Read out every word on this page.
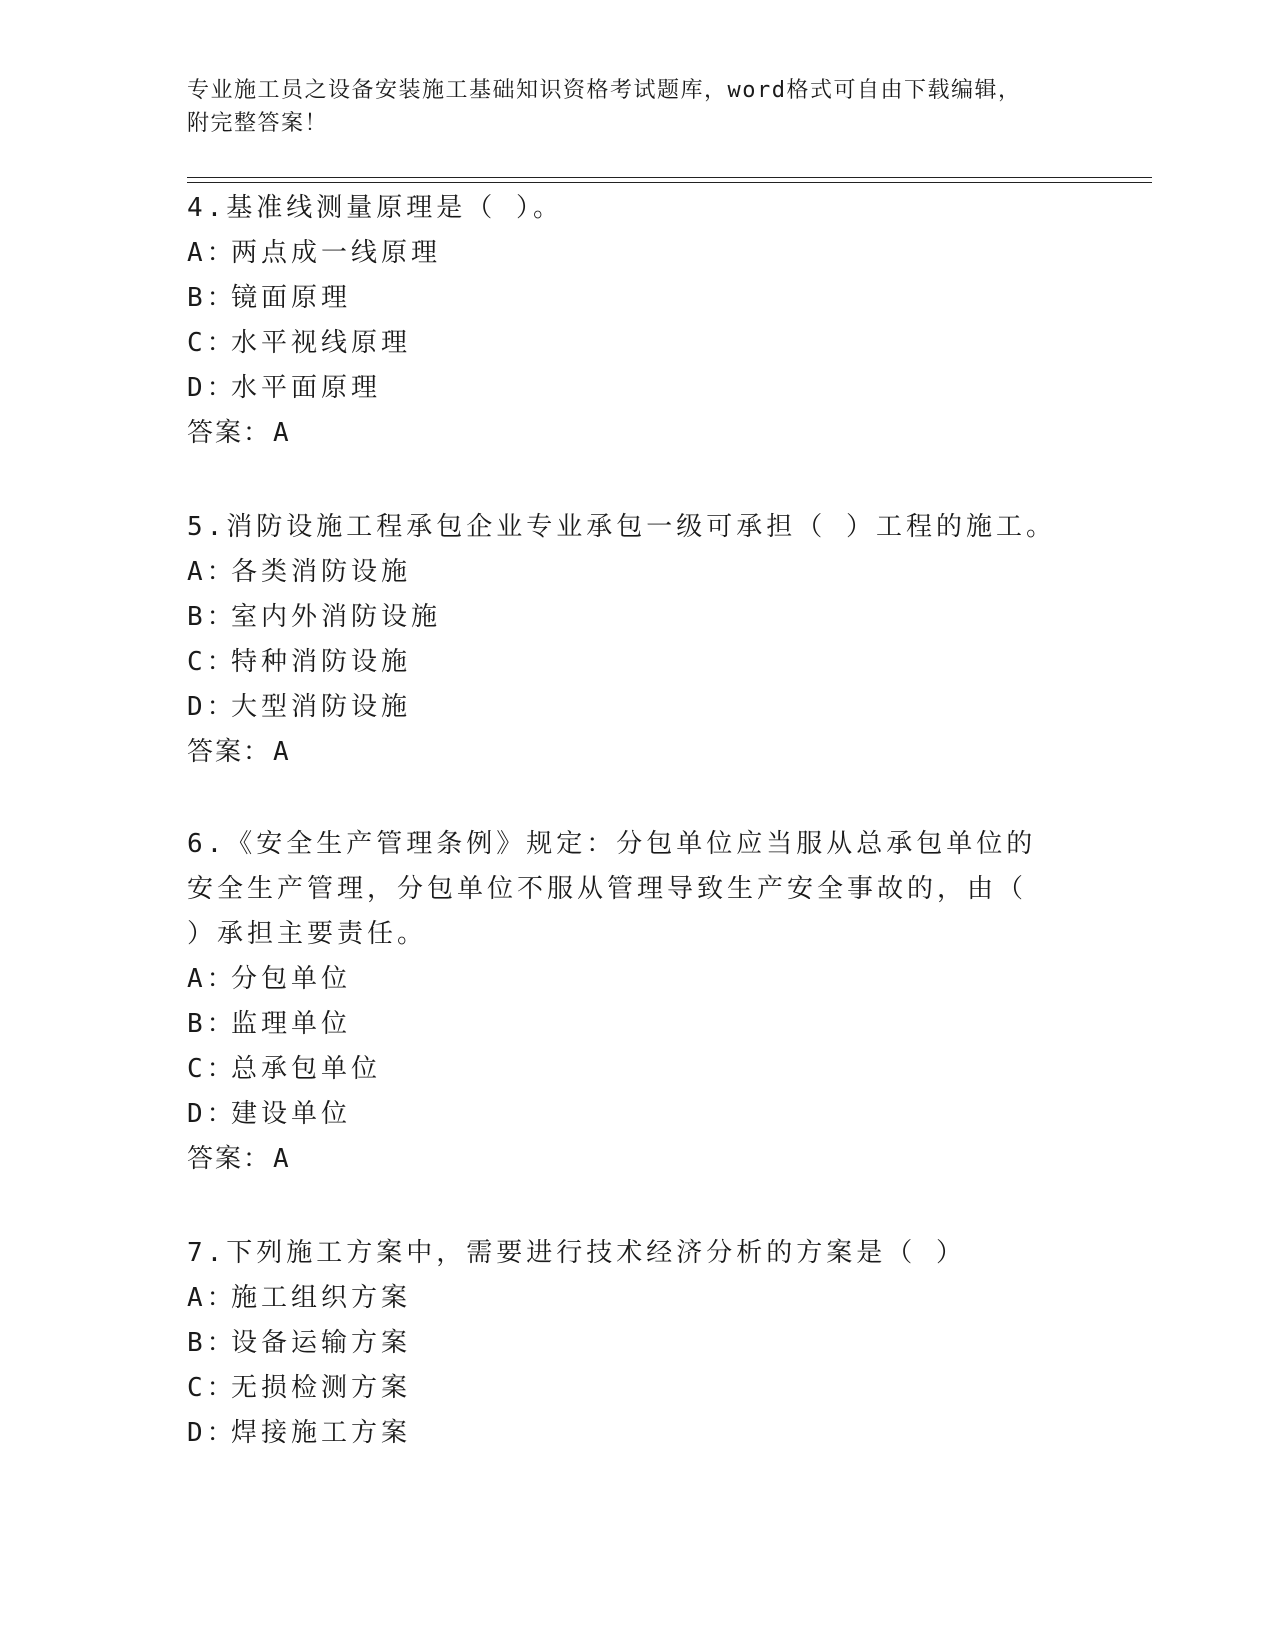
专业施工员之设备安装施工基础知识资格考试题库，word格式可自由下载编辑，
附完整答案！
4.基准线测量原理是（ ）。
A：两点成一线原理
B：镜面原理
C：水平视线原理
D：水平面原理
答案：A
5.消防设施工程承包企业专业承包一级可承担（ ）工程的施工。
A：各类消防设施
B：室内外消防设施
C：特种消防设施
D：大型消防设施
答案：A
6.《安全生产管理条例》规定：分包单位应当服从总承包单位的安全生产管理，分包单位不服从管理导致生产安全事故的，由（ ）承担主要责任。
A：分包单位
B：监理单位
C：总承包单位
D：建设单位
答案：A
7.下列施工方案中，需要进行技术经济分析的方案是（ ）
A：施工组织方案
B：设备运输方案
C：无损检测方案
D：焊接施工方案
